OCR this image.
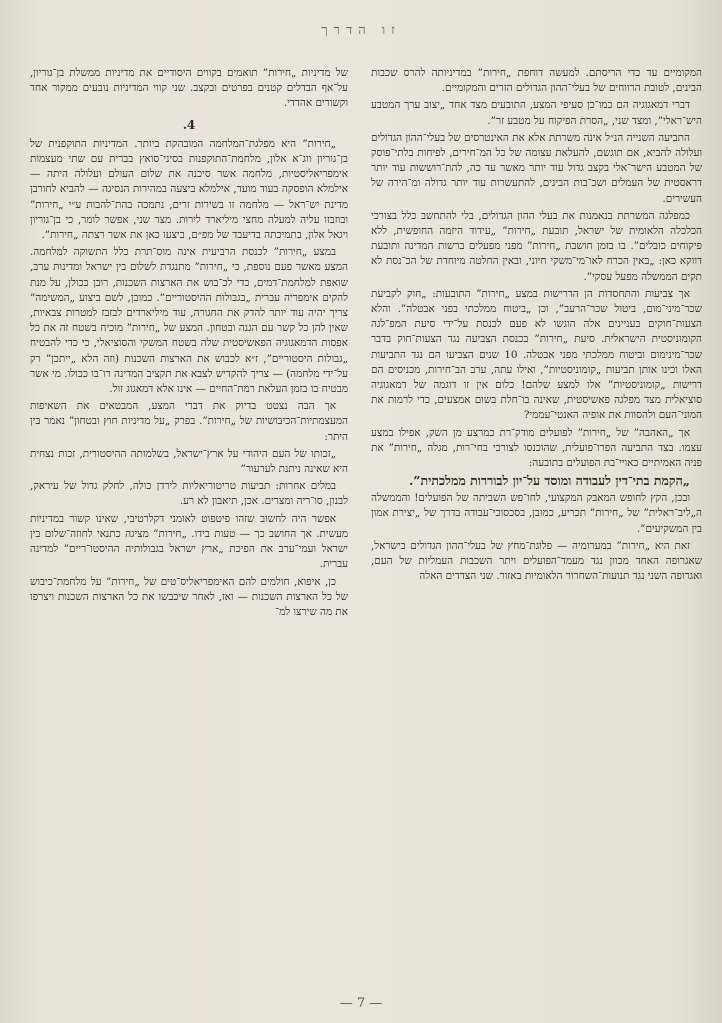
זו הדרך

המקומיים עד כדי הריסתם. למעשה דוחפת „חירות” במדיניותה להרס שכבות הבינים, לטובת הרווחים של בעלי־ההון הגדולים הזרים והמקומיים.

דברי דמאגוגיה הם כמו־כן סעיפי המצע, התובעים מצד אחד „יצוב ערך המטבע היש־ראלי”, ומצד שני, „הסרת הפיקוח על מטבע זר”.

התביעה השנייה הנ״ל אינה משרתת אלא את האינטרסים של בעלי־ההון הגדולים ועלולה להביא, אם תוגשם, להעלאת עצומה של כל המ־חירים, לפיחות בלתי־פוסק של המטבע הישר־אלי בקצב גדול עוד יותר מאשר עד כה, להת־רוששות עוד יותר דראסטית של העמלים ושכ־בות הבינים, להתעשרות עוד יותר גדולה ומ־הירה של העשירים.

כמפלגה המשרתת בנאמנות את בעלי ההון הגדולים, בלי להתחשב כלל בצורכי הכלכלה הלאומית של ישראל, תובעת „חירות” „עידוד היזמה החופשית, ללא פיקוחים כובלים”. בו בזמן חושבת „חירות” מפני מפעלים ברשות המדינה ותובעת דווקא כאן: „באין הכרח לאו־מי־משקי חיוני, ובאין החלטה מיוחדת של הכ־נסת לא תקים הממשלה מפעל עסקי”.

אך צביעות והתחסדות הן הדרישות במצע „חירות” התובעות: „חוק לקביעת שכר־מיני־מום, ביטול שכר־הרעב”, וכן „ביטוח ממלכתי בפני אבטלה”. והלא הצעות־חוקים בעניינים אלה הוגשו לא פעם לכנסת על־ידי סיעת המפ־לגה הקומוניסטית הישראלית. סיעת „חירות” בכנסת הצביעה נגד הצעות־חוק בדבר שכר־מינימום וביטוח ממלכתי מפני אבטלה. 10 שנים הצביעו הם נגד התביעות האלו וכינו אותן תביעות „קומוניסטיות”, ואילו עתה, ערב הב־חירות, מכניסים הם דרישות „קומוניסטיות” אלו למצע שלהם! כלום אין זו דוגמה של דמאגוגיה סוציאלית מצד מפלגה פאשיסטית, שאינה בו־חלת בשום אמצעים, כדי לרמות את המוני־העם ולהסוות את אופיה האנטי־עממי?

אך „האהבה” של „חירות” לפועלים מודק־רת כמרצע מן השק, אפילו במצע עצמו. בצד התביעה הפרו־פועלית, שהוכנסו לצורכי בחי־רות, מגלה „חירות” את פניה האמיתיים כאויי־בת הפועלים בתובעה:

„הקמת בתי־דין לעבודה ומוסד על־יון לבוררות ממלכתית”.

ובכן, הקץ לחופש המאבק המקצועי, לחו־פש השביתה של הפועלים! והממשלה ה„ליב־ראלית” של „חירות” תכריע, כמובן, בסכסוכי־עבודה בדרך של „יצירת אמון בין המשקיעים”.

זאת היא „חירות” במערומיה — פלוגת־מחץ של בעלי־ההון הגדולים בישראל, שאגרופה האחד מכוון נגד מעמד־הפועלים ויתר השכבות העמליות של העם, ואגרופה השני נגד תנועות־השחרור הלאומיות באזור. שני הצדדים האלה

של מדיניות „חירות” תואמים בקווים היסודיים את מדיניות ממשלת בן־גוריון, על־אף הבדלים קטנים בפרטים ובקצב. שני קווי המדיניות נובעים ממקור אחד וקשורים אהדדי.

4.

„חירות” היא מפלגת־המלחמה המובהקת ביותר. המדיניות התוקפנית של בן־גוריון ווג־א אלון, מלחמת־התוקפנות בסיני־סואץ בברית עם שתי מעצמות אימפריאליסטיות, מלחמה אשר סיכנה את שלום העולם ועלולה היתה — אילמלא הופסקה בעוד מועד, אילמלא ביצעה במהירות הנסיגה — להביא לחורבן מדינת יש־ראל — מלחמה זו בשירות זרים, נתמכה בהת־להבות ע״י „חירות” ובוזבזו עליה למעלה מחצי מיליארד לירות. מצד שני, אפשר לומר, כי בן־גוריון ויגאל אלון, בתמיכתה בדיעבד של מפ״ם, ביצעו כאן את אשר רצתה „חירות”.

במצע „חירות” לכנסת הרביעית אינה מוס־תרת כלל התשוקה למלחמה. המצע מאשר פעם נוספת, כי „חירות” מתנגדת לשלום בין ישראל ומדינות ערב, שואפת למלחמת־דמים, כדי לכ־בוש את הארצות השכנות, רובן ככולן, על מנת להקים אימפריה עברית „בגבולות ההיסטוריים”. כמובן, לשם ביצוע „המשימה” צריך יהיה עוד יותר להדק את החגורה, עוד מיליארדים לבזבז למטרות צבאיות, שאין להן כל קשר עם הגנה ובטחון. המצע של „חירות” מוכיח בשטח זה את כל אפסות הדמאגוגיה הפאשיסטית שלה בשטח המשקי והסוציאלי, כי כדי להבטיח „גבולות היסטוריים”, ז״א לכבוש את הארצות השכנות (וזה הלא „ייתכן” רק על־ידי מלחמה) — צריך להקדיש לצבא את תקציב המדינה רו־בו ככולו. מי אשר מבטיח בו בזמן העלאת רמת־החיים — אינו אלא דמאגוג זול.

אך הבה נצטט בדיוק את דברי המצע, המבטאים את השאיפות המעצמתיות־הכיבושיות של „חירות”. בפרק „על מדיניות חוץ ובטחון” נאמר בין היתר:

„זכותו של העם היהודי על ארץ־ישראל, בשלמותה ההיסטורית, זכות נצחית היא שאינה ניתנת לערעור”

במלים אחרות: תביעות טריטוריאליות לירדן כולה, לחלק גדול של עיראק, לבנון, סו־ריה ומצרים. אכן, תיאבון לא רע.

אפשר היה לחשוב שזהו פיטפוט לאומני דקלרטיבי, שאינו קשור במדיניות מעשית. אך החושב כך — טעות בידו. „חירות” מציגה כתנאי לחוזה־שלום בין ישראל ועמי־ערב את הפיכת „ארץ ישראל בגבולותיה ההיסטו־ריים” למדינה עברית.

כן, איפוא, חולמים להם האימפריאליס־טים של „חירות” על מלחמת־כיבוש של כל הארצות השכנות — ואז, לאחר שיכבשו את כל הארצות השכנות ויצרפו את מה שירצו למ־

— 7 —
